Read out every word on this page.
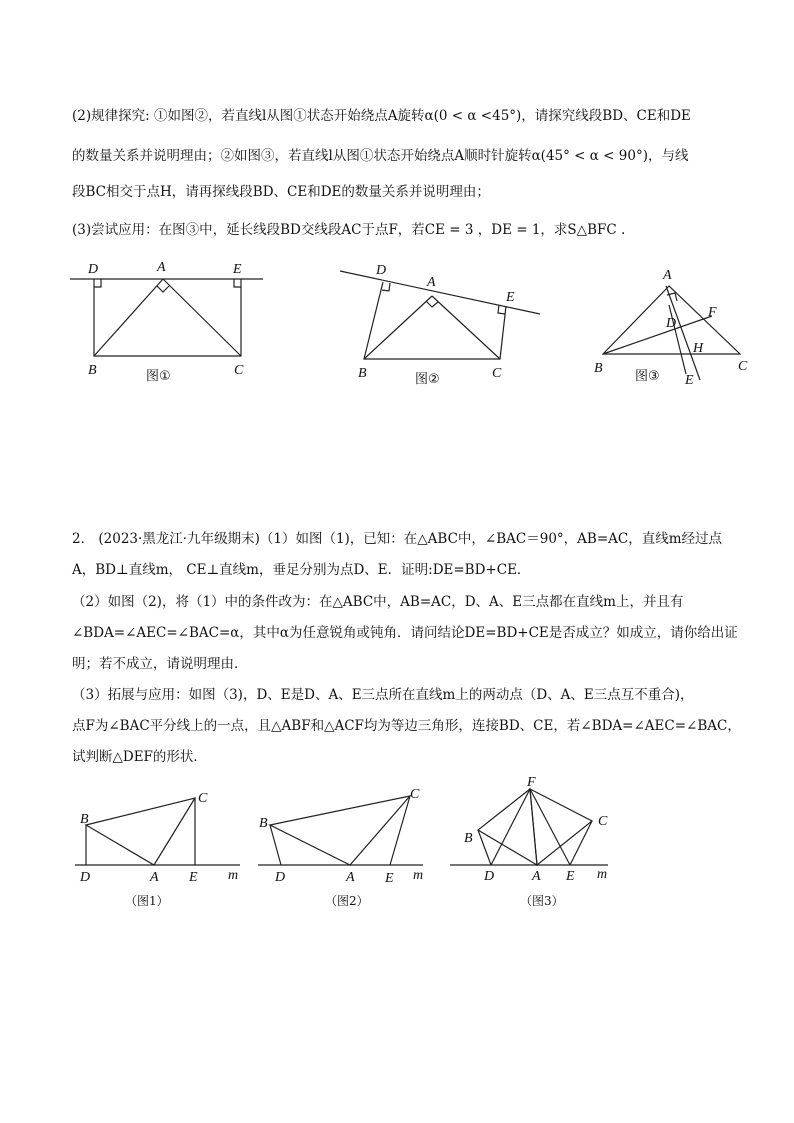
(2)规律探究: ①如图②，若直线l从图①状态开始绕点A旋转α(0 < α <45°)，请探究线段BD、CE和DE
的数量关系并说明理由；②如图③，若直线l从图①状态开始绕点A顺时针旋转α(45° < α < 90°)，与线
段BC相交于点H，请再探线段BD、CE和DE的数量关系并说明理由；
(3)尝试应用：在图③中，延长线段BD交线段AC于点F，若CE = 3 ，DE = 1，求S△BFC .
D	A	E
B	C
图①
D
A
E
B	C
图②
A
F
D
H
B	C
E
图③
2． (2023·黑龙江·九年级期末)（1）如图（1)，已知：在△ABC中，∠BAC＝90°，AB=AC，直线m经过点
A，BD⊥直线m， CE⊥直线m，垂足分别为点D、E．证明:DE=BD+CE．
（2）如图（2)，将（1）中的条件改为：在△ABC中，AB=AC，D、A、E三点都在直线m上，并且有
∠BDA=∠AEC=∠BAC=α，其中α为任意锐角或钝角．请问结论DE=BD+CE是否成立？如成立，请你给出证
明；若不成立，请说明理由．
（3）拓展与应用：如图（3)，D、E是D、A、E三点所在直线m上的两动点（D、A、E三点互不重合)，
点F为∠BAC平分线上的一点，且△ABF和△ACF均为等边三角形，连接BD、CE，若∠BDA=∠AEC=∠BAC，
试判断△DEF的形状．
B
C
D	A E m
（图1）
B
C
D	A E m
（图2）
F
B
C
D	A E m
（图3）
